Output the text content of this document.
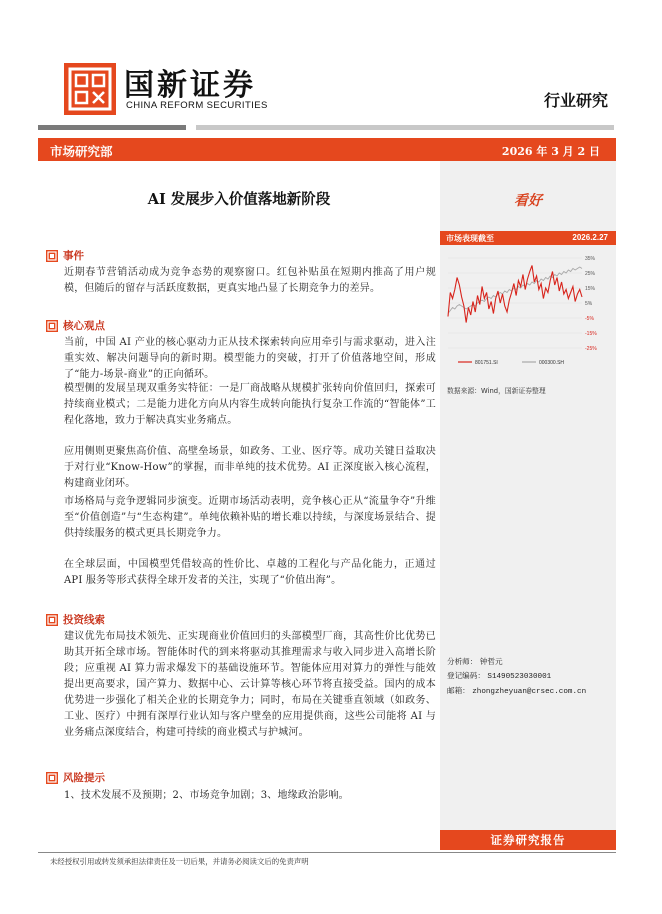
国新证券
CHINA REFORM SECURITIES	行业研究
市场研究部	2026 年 3 月 2 日
AI 发展步入价值落地新阶段	看好
市场表现截至	2026.2.27
35%
25%
15%
5%
-5%
-15%
-25%
801751.SI	000300.SH
数据来源：Wind，国新证券整理
分析师： 钟哲元
登记编码： S1490523030001
邮箱： zhongzheyuan@crsec.com.cn
证券研究报告
未经授权引用或转发须承担法律责任及一切后果，并请务必阅读文后的免责声明
事件
近期春节营销活动成为竞争态势的观察窗口。红包补贴虽在短期内推高了用户规模，但随后的留存与活跃度数据，更真实地凸显了长期竞争力的差异。
核心观点
当前，中国 AI 产业的核心驱动力正从技术探索转向应用牵引与需求驱动，进入注重实效、解决问题导向的新时期。模型能力的突破，打开了价值落地空间，形成了“能力-场景-商业”的正向循环。
模型侧的发展呈现双重务实特征：一是厂商战略从规模扩张转向价值回归，探索可持续商业模式；二是能力进化方向从内容生成转向能执行复杂工作流的“智能体”工程化落地，致力于解决真实业务痛点。
应用侧则更聚焦高价值、高壁垒场景，如政务、工业、医疗等。成功关键日益取决于对行业“Know-How”的掌握，而非单纯的技术优势。AI 正深度嵌入核心流程，构建商业闭环。
市场格局与竞争逻辑同步演变。近期市场活动表明，竞争核心正从“流量争夺”升维至“价值创造”与“生态构建”。单纯依赖补贴的增长难以持续，与深度场景结合、提供持续服务的模式更具长期竞争力。
在全球层面，中国模型凭借较高的性价比、卓越的工程化与产品化能力，正通过 API 服务等形式获得全球开发者的关注，实现了“价值出海”。
投资线索
建议优先布局技术领先、正实现商业价值回归的头部模型厂商，其高性价比优势已助其开拓全球市场。智能体时代的到来将驱动其推理需求与收入同步进入高增长阶段；应重视 AI 算力需求爆发下的基础设施环节。智能体应用对算力的弹性与能效提出更高要求，国产算力、数据中心、云计算等核心环节将直接受益。国内的成本优势进一步强化了相关企业的长期竞争力；同时，布局在关键垂直领域（如政务、工业、医疗）中拥有深厚行业认知与客户壁垒的应用提供商，这些公司能将 AI 与业务痛点深度结合，构建可持续的商业模式与护城河。
风险提示
1、技术发展不及预期；2、市场竞争加剧；3、地缘政治影响。
